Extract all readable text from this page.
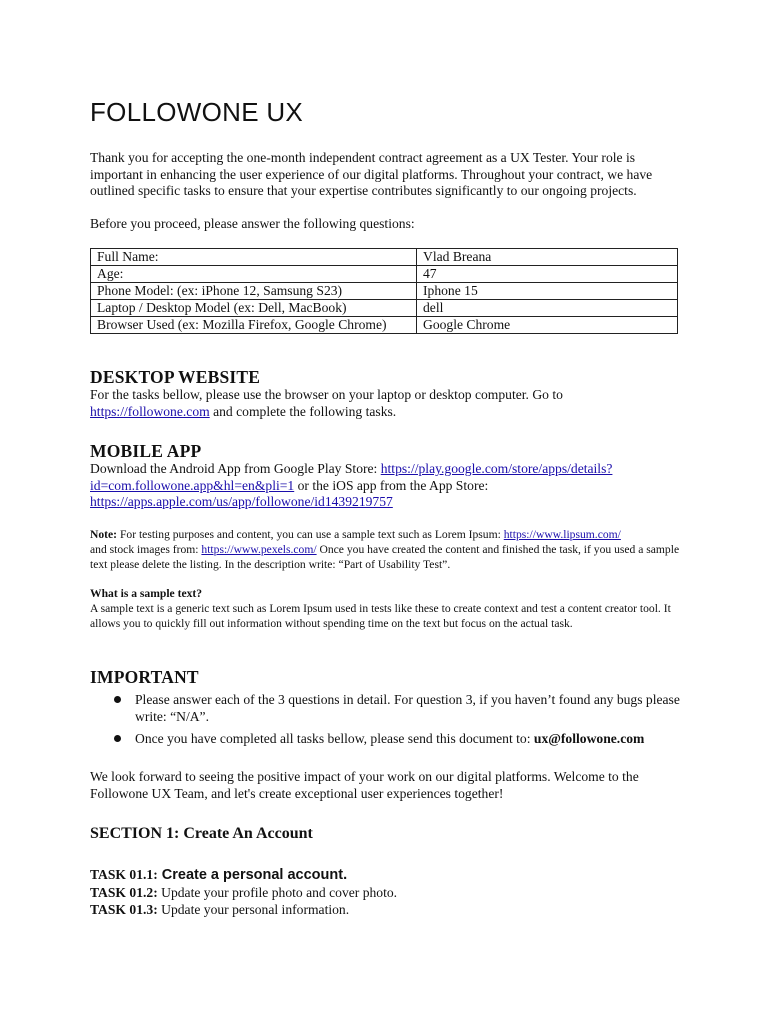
FOLLOWONE UX
Thank you for accepting the one-month independent contract agreement as a UX Tester. Your role is important in enhancing the user experience of our digital platforms. Throughout your contract, we have outlined specific tasks to ensure that your expertise contributes significantly to our ongoing projects.
Before you proceed, please answer the following questions:
Full Name:	Vlad Breana
Age:	47
Phone Model: (ex: iPhone 12, Samsung S23)	Iphone 15
Laptop / Desktop Model (ex: Dell, MacBook)	dell
Browser Used (ex: Mozilla Firefox, Google Chrome)	Google Chrome
DESKTOP WEBSITE
For the tasks bellow, please use the browser on your laptop or desktop computer. Go to
https://followone.com and complete the following tasks.
MOBILE APP
Download the Android App from Google Play Store: https://play.google.com/store/apps/details?
id=com.followone.app&hl=en&pli=1 or the iOS app from the App Store:
https://apps.apple.com/us/app/followone/id1439219757
Note: For testing purposes and content, you can use a sample text such as Lorem Ipsum: https://www.lipsum.com/
and stock images from: https://www.pexels.com/ Once you have created the content and finished the task, if you used a sample text please delete the listing. In the description write: “Part of Usability Test”.
What is a sample text?
A sample text is a generic text such as Lorem Ipsum used in tests like these to create context and test a content creator tool. It allows you to quickly fill out information without spending time on the text but focus on the actual task.
IMPORTANT
Please answer each of the 3 questions in detail. For question 3, if you haven’t found any bugs please write: “N/A”.
Once you have completed all tasks bellow, please send this document to: ux@followone.com
We look forward to seeing the positive impact of your work on our digital platforms. Welcome to the Followone UX Team, and let's create exceptional user experiences together!
SECTION 1: Create An Account
TASK 01.1: Create a personal account.
TASK 01.2: Update your profile photo and cover photo.
TASK 01.3: Update your personal information.
